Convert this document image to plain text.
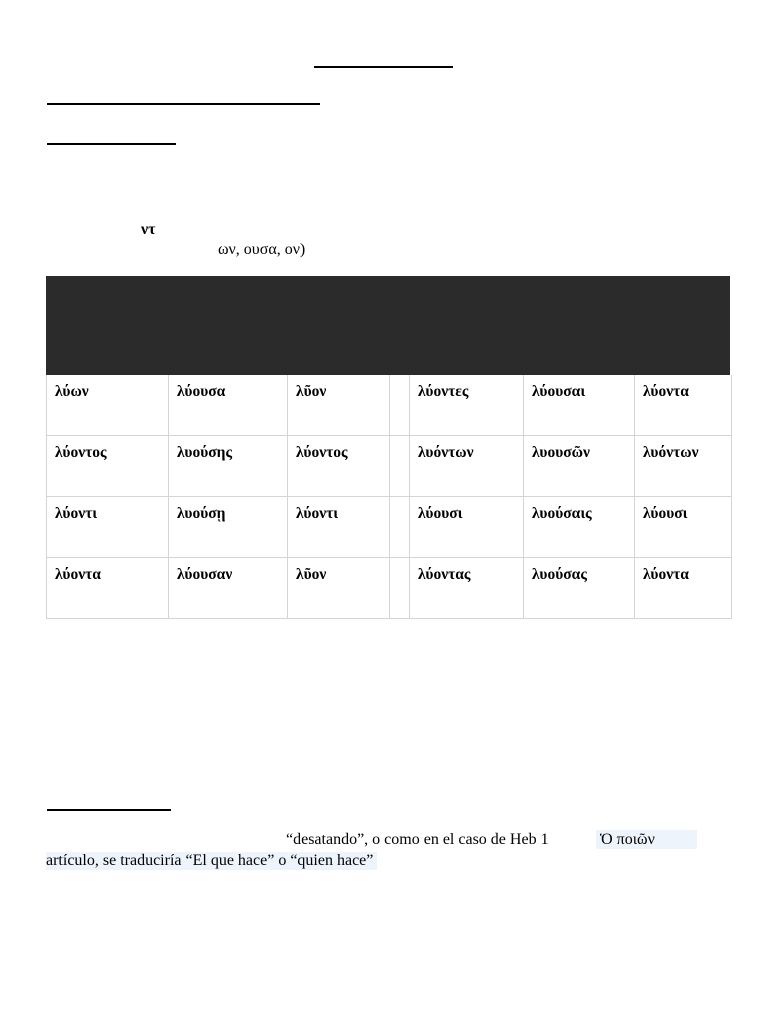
ντ
ων, ουσα, ον)
λύων	λύουσα	λῦον		λύοντες	λύουσαι	λύοντα
λύοντος	λυούσης	λύοντος		λυόντων	λυουσῶν	λυόντων
λύοντι	λυούσῃ	λύοντι		λύουσι	λυούσαις	λύουσι
λύοντα	λύουσαν	λῦον		λύοντας	λυούσας	λύοντα
“desatando”, o como en el caso de Heb 1	Ὁ ποιῶν
artículo, se traduciría “El que hace” o “quien hace”
